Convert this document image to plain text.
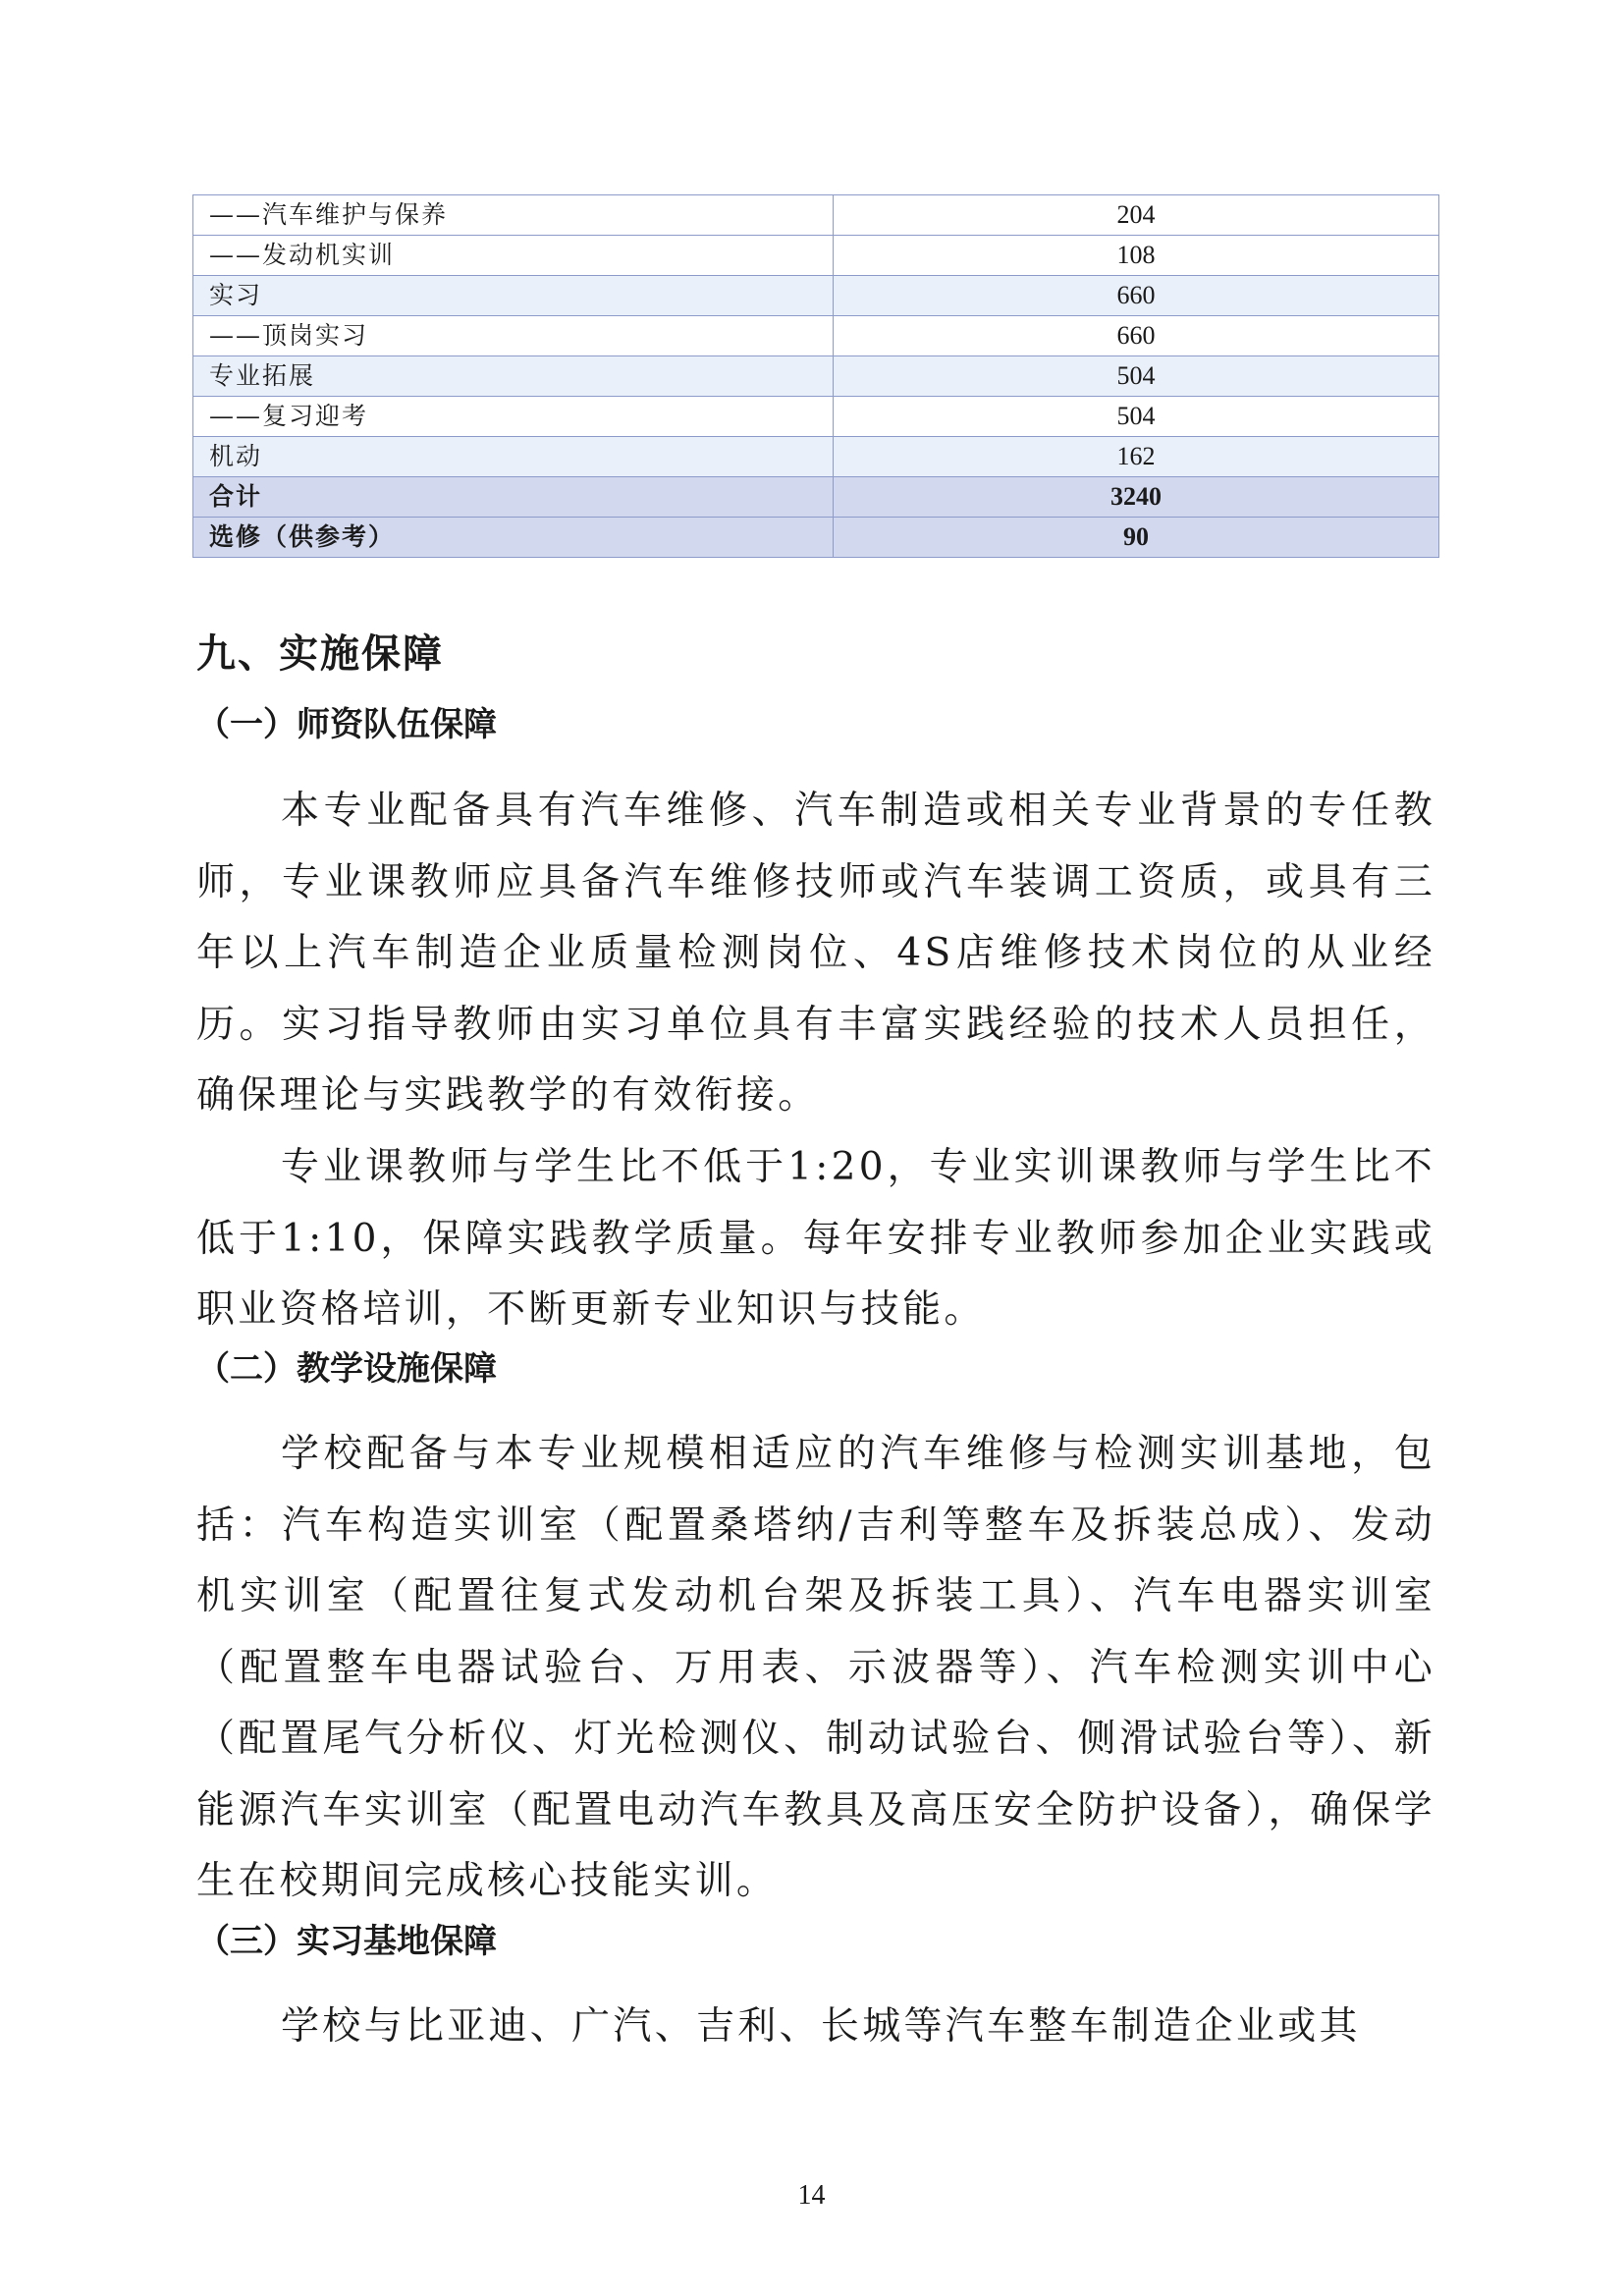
——汽车维护与保养	204
——发动机实训	108
实习	660
——顶岗实习	660
专业拓展	504
——复习迎考	504
机动	162
合计	3240
选修（供参考）	90
九、实施保障
（一）师资队伍保障

本专业配备具有汽车维修、汽车制造或相关专业背景的专任教师，专业课教师应具备汽车维修技师或汽车装调工资质，或具有三年以上汽车制造企业质量检测岗位、4S店维修技术岗位的从业经历。实习指导教师由实习单位具有丰富实践经验的技术人员担任，确保理论与实践教学的有效衔接。

专业课教师与学生比不低于1:20，专业实训课教师与学生比不低于1:10，保障实践教学质量。每年安排专业教师参加企业实践或职业资格培训，不断更新专业知识与技能。

（二）教学设施保障

学校配备与本专业规模相适应的汽车维修与检测实训基地，包括：汽车构造实训室（配置桑塔纳/吉利等整车及拆装总成）、发动机实训室（配置往复式发动机台架及拆装工具）、汽车电器实训室（配置整车电器试验台、万用表、示波器等）、汽车检测实训中心（配置尾气分析仪、灯光检测仪、制动试验台、侧滑试验台等）、新能源汽车实训室（配置电动汽车教具及高压安全防护设备），确保学生在校期间完成核心技能实训。

（三）实习基地保障

学校与比亚迪、广汽、吉利、长城等汽车整车制造企业或其

14
